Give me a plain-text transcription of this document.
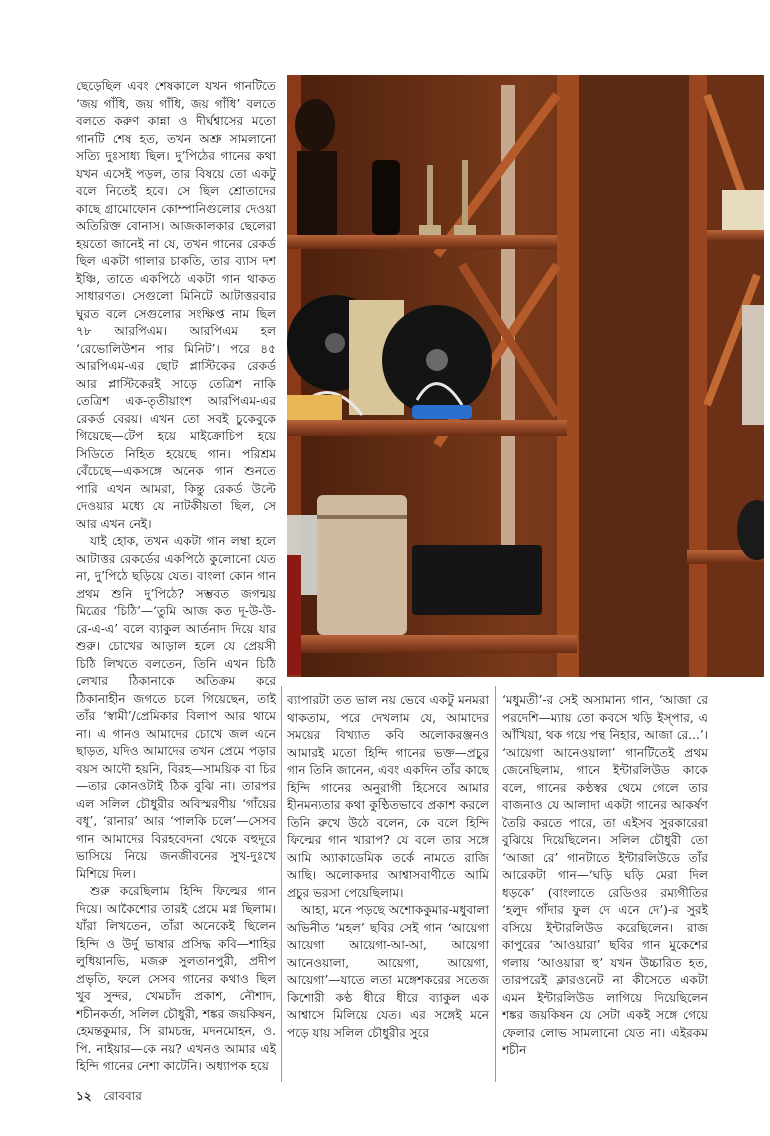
ছেড়েছিল এবং শেষকালে যখন গানটিতে ‘জয় গাঁধি, জয় গাঁধি, জয় গাঁধি’ বলতে বলতে করুণ কান্না ও দীর্ঘশ্বাসের মতো গানটি শেষ হত, তখন অশ্রু সামলানো সত্যি দুঃসাধ্য ছিল। দু’পিঠের গানের কথা যখন এসেই পড়ল, তার বিষয়ে তো একটু বলে নিতেই হবে। সে ছিল শ্রোতাদের কাছে গ্রামোফোন কোম্পানিগুলোর দেওয়া অতিরিক্ত বোনাস। আজকালকার ছেলেরা হয়তো জানেই না যে, তখন গানের রেকর্ড ছিল একটা গালার চাকতি, তার ব্যাস দশ ইঞ্চি, তাতে একপিঠে একটা গান থাকত সাধারণত। সেগুলো মিনিটে আটাত্তরবার ঘুরত বলে সেগুলোর সংক্ষিপ্ত নাম ছিল ৭৮ আরপিএম। আরপিএম হল ‘রেভোলিউশন পার মিনিট’। পরে ৪৫ আরপিএম-এর ছোট প্লাস্টিকের রেকর্ড আর প্লাস্টিকেরই সাড়ে তেত্রিশ নাকি তেত্রিশ এক-তৃতীয়াংশ আরপিএম-এর রেকর্ড বেরয়। এখন তো সবই চুকেবুকে গিয়েছে—টেপ হয়ে মাইক্রোচিপ হয়ে সিডিতে নিহিত হয়েছে গান। পরিশ্রম বেঁচেছে—একসঙ্গে অনেক গান শুনতে পারি এখন আমরা, কিন্তু রেকর্ড উল্টে দেওয়ার মধ্যে যে নাটকীয়তা ছিল, সে আর এখন নেই।

যাই হোক, তখন একটা গান লম্বা হলে আটাত্তর রেকর্ডের একপিঠে কুলোনো যেত না, দু’পিঠে ছড়িয়ে যেত। বাংলা কোন গান প্রথম শুনি দু’পিঠে? সম্ভবত জগন্ময় মিত্রের ‘চিঠি’—‘তুমি আজ কত দূ-উ-উ-রে-এ-এ’ বলে ব্যাকুল আর্তনাদ দিয়ে যার শুরু। চোখের আড়াল হলে যে প্রেয়সী চিঠি লিখতে বলতেন, তিনি এখন চিঠি লেখার ঠিকানাকে অতিক্রম করে ঠিকানাহীন জগতে চলে গিয়েছেন, তাই তাঁর ‘স্বামী’/প্রেমিকার বিলাপ আর থামে না। এ গানও আমাদের চোখে জল এনে ছাড়ত, যদিও আমাদের তখন প্রেমে পড়ার বয়স আদৌ হয়নি, বিরহ—সাময়িক বা চির—তার কোনওটাই ঠিক বুঝি না। তারপর এল সলিল চৌধুরীর অবিস্মরণীয় ‘গাঁয়ের বধূ’, ‘রানার’ আর ‘পালকি চলে’—সেসব গান আমাদের বিরহবেদনা থেকে বহুদূরে ভাসিয়ে নিয়ে জনজীবনের সুখ-দুঃখে মিশিয়ে দিল।

শুরু করেছিলাম হিন্দি ফিল্মের গান দিয়ে। আকৈশোর তারই প্রেমে মগ্ন ছিলাম। যাঁরা লিখতেন, তাঁরা অনেকেই ছিলেন হিন্দি ও উর্দু ভাষার প্রসিদ্ধ কবি—শাহির লুধিয়ানভি, মজরু সুলতানপুরী, প্রদীপ প্রভৃতি, ফলে সেসব গানের কথাও ছিল খুব সুন্দর, খেমচাঁদ প্রকাশ, নৌশাদ, শচীনকর্তা, সলিল চৌধুরী, শঙ্কর জয়কিষন, হেমন্তকুমার, সি রামচন্দ্র, মদনমোহন, ও. পি. নাইয়ার—কে নয়? এখনও আমার এই হিন্দি গানের নেশা কাটেনি। অধ্যাপক হয়ে

ব্যাপারটা তত ভাল নয় ভেবে একটু মনমরা থাকতাম, পরে দেখলাম যে, আমাদের সময়ের বিখ্যাত কবি অলোকরঞ্জনও আমারই মতো হিন্দি গানের ভক্ত—প্রচুর গান তিনি জানেন, এবং একদিন তাঁর কাছে হিন্দি গানের অনুরাগী হিসেবে আমার হীনমন্যতার কথা কুণ্ঠিতভাবে প্রকাশ করলে তিনি রুখে উঠে বলেন, কে বলে হিন্দি ফিল্মের গান খারাপ? যে বলে তার সঙ্গে আমি অ্যাকাডেমিক তর্কে নামতে রাজি আছি। অলোকদার আশ্বাসবাণীতে আমি প্রচুর ভরসা পেয়েছিলাম।

আহা, মনে পড়ছে অশোককুমার-মধুবালা অভিনীত ‘মহল’ ছবির সেই গান ‘আয়েগা আয়েগা আয়েগা-আ-আ, আয়েগা আনেওয়ালা, আয়েগা, আয়েগা, আয়েগা’—যাতে লতা মঙ্গেশকরের সতেজ কিশোরী কণ্ঠ ধীরে ধীরে ব্যাকুল এক আশ্বাসে মিলিয়ে যেত। এর সঙ্গেই মনে পড়ে যায় সলিল চৌধুরীর সুরে

‘মধুমতী’-র সেই অসামান্য গান, ‘আজা রে পরদেশি—ম্যায় তো কবসে খড়ি ইস্‌পার, এ আঁখিয়া, থক গয়ে পন্থ নিহার, আজা রে...’। ‘আয়েগা আনেওয়ালা’ গানটিতেই প্রথম জেনেছিলাম, গানে ইন্টারলিউড কাকে বলে, গানের কণ্ঠস্বর থেমে গেলে তার বাজনাও যে আলাদা একটা গানের আকর্ষণ তৈরি করতে পারে, তা এইসব সুরকারেরা বুঝিয়ে দিয়েছিলেন। সলিল চৌধুরী তো ‘আজা রে’ গানটাতে ইন্টারলিউডে তাঁর আরেকটা গান—‘ঘড়ি ঘড়ি মেরা দিল ধড়কে’ (বাংলাতে রেডিওর রম্যগীতির ‘হলুদ গাঁদার ফুল দে এনে দে’)-র সুরই বসিয়ে ইন্টারলিউড করেছিলেন। রাজ কাপুরের ‘আওয়ারা’ ছবির গান মুকেশের গলায় ‘আওয়ারা হু’ যখন উচ্চারিত হত, তারপরেই ক্লারওনেট না কীসেতে একটা এমন ইন্টারলিউড লাগিয়ে দিয়েছিলেন শঙ্কর জয়কিষন যে সেটা একই সঙ্গে গেয়ে ফেলার লোভ সামলানো যেত না। এইরকম শচীন

১২ রোববার
